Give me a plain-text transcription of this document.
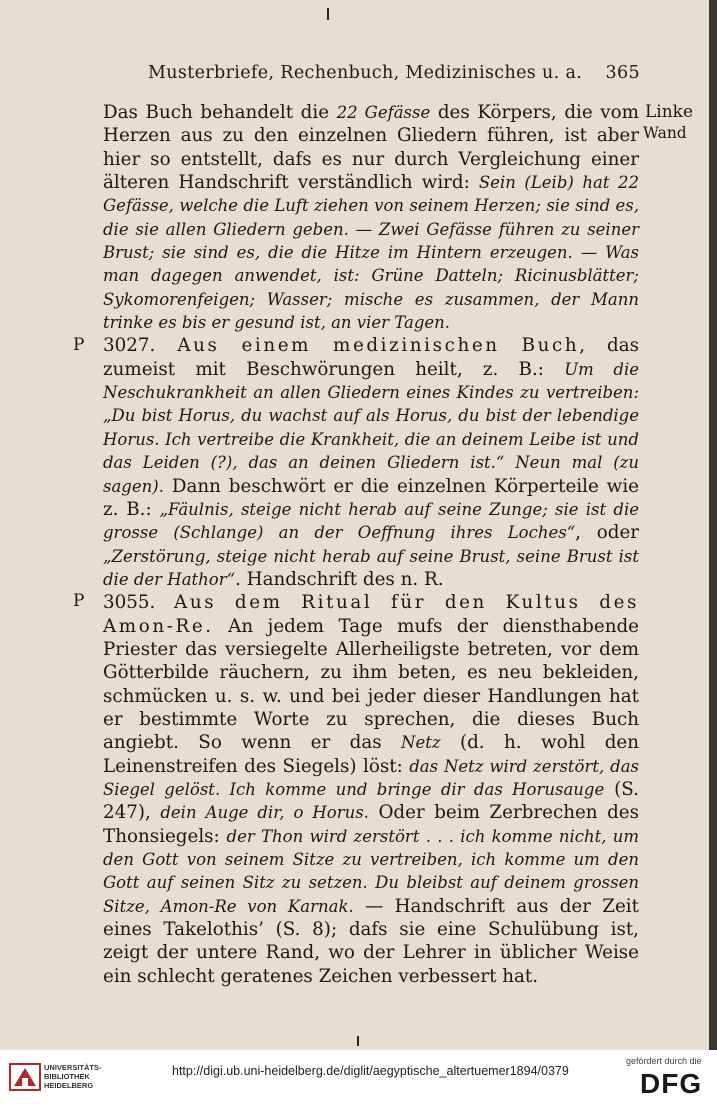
Musterbriefe, Rechenbuch, Medizinisches u. a. 365
Linke
Wand
P
P

Das Buch behandelt die 22 Gefässe des Körpers, die vom Herzen aus zu den einzelnen Gliedern führen, ist aber hier so entstellt, dafs es nur durch Vergleichung einer älteren Handschrift verständlich wird: Sein (Leib) hat 22 Gefässe, welche die Luft ziehen von seinem Herzen; sie sind es, die sie allen Gliedern geben. — Zwei Gefässe führen zu seiner Brust; sie sind es, die die Hitze im Hintern erzeugen. — Was man dagegen anwendet, ist: Grüne Datteln; Ricinusblätter; Sykomorenfeigen; Wasser; mische es zusammen, der Mann trinke es bis er gesund ist, an vier Tagen.

3027. Aus einem medizinischen Buch, das zumeist mit Beschwörungen heilt, z. B.: Um die Neschukrankheit an allen Gliedern eines Kindes zu vertreiben: „Du bist Horus, du wachst auf als Horus, du bist der lebendige Horus. Ich vertreibe die Krankheit, die an deinem Leibe ist und das Leiden (?), das an deinen Gliedern ist.“ Neun mal (zu sagen). Dann beschwört er die einzelnen Körperteile wie z. B.: „Fäulnis, steige nicht herab auf seine Zunge; sie ist die grosse (Schlange) an der Oeffnung ihres Loches“, oder „Zerstörung, steige nicht herab auf seine Brust, seine Brust ist die der Hathor“. Handschrift des n. R.

3055. Aus dem Ritual für den Kultus des Amon-Re. An jedem Tage mufs der diensthabende Priester das versiegelte Allerheiligste betreten, vor dem Götterbilde räuchern, zu ihm beten, es neu bekleiden, schmücken u. s. w. und bei jeder dieser Handlungen hat er bestimmte Worte zu sprechen, die dieses Buch angiebt. So wenn er das Netz (d. h. wohl den Leinenstreifen des Siegels) löst: das Netz wird zerstört, das Siegel gelöst. Ich komme und bringe dir das Horusauge (S. 247), dein Auge dir, o Horus. Oder beim Zerbrechen des Thonsiegels: der Thon wird zerstört . . . ich komme nicht, um den Gott von seinem Sitze zu vertreiben, ich komme um den Gott auf seinen Sitz zu setzen. Du bleibst auf deinem grossen Sitze, Amon-Re von Karnak. — Handschrift aus der Zeit eines Takelothis’ (S. 8); dafs sie eine Schulübung ist, zeigt der untere Rand, wo der Lehrer in üblicher Weise ein schlecht geratenes Zeichen verbessert hat.

UNIVERSITÄTS-
BIBLIOTHEK
HEIDELBERG
http://digi.ub.uni-heidelberg.de/diglit/aegyptische_altertuemer1894/0379
gefördert durch die
DFG
